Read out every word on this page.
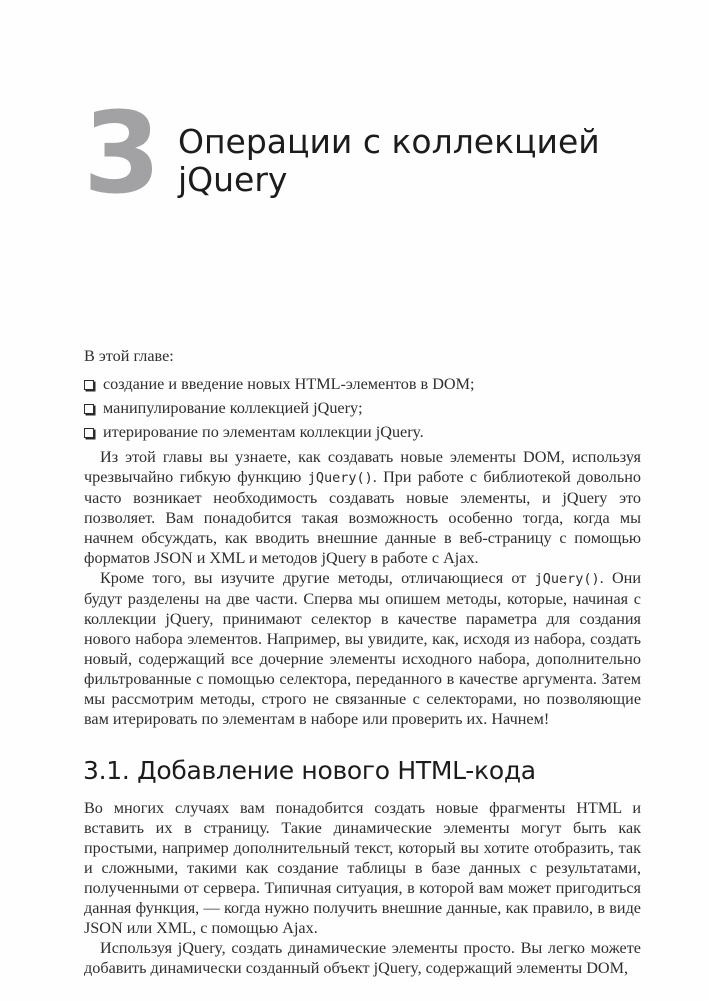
3 Операции с коллекцией
jQuery

В этой главе:

создание и введение новых HTML-элементов в DOM;
манипулирование коллекцией jQuery;
итерирование по элементам коллекции jQuery.

Из этой главы вы узнаете, как создавать новые элементы DOM, используя чрезвычайно гибкую функцию jQuery(). При работе с библиотекой довольно часто возникает необходимость создавать новые элементы, и jQuery это позволяет. Вам понадобится такая возможность особенно тогда, когда мы начнем обсуждать, как вводить внешние данные в веб-страницу с помощью форматов JSON и XML и методов jQuery в работе с Ajax.

Кроме того, вы изучите другие методы, отличающиеся от jQuery(). Они будут разделены на две части. Сперва мы опишем методы, которые, начиная с коллекции jQuery, принимают селектор в качестве параметра для создания нового набора элементов. Например, вы увидите, как, исходя из набора, создать новый, содержащий все дочерние элементы исходного набора, дополнительно фильтрованные с помощью селектора, переданного в качестве аргумента. Затем мы рассмотрим методы, строго не связанные с селекторами, но позволяющие вам итерировать по элементам в наборе или проверить их. Начнем!

3.1. Добавление нового HTML-кода

Во многих случаях вам понадобится создать новые фрагменты HTML и вставить их в страницу. Такие динамические элементы могут быть как простыми, например дополнительный текст, который вы хотите отобразить, так и сложными, такими как создание таблицы в базе данных с результатами, полученными от сервера. Типичная ситуация, в которой вам может пригодиться данная функция, — когда нужно получить внешние данные, как правило, в виде JSON или XML, с помощью Ajax.

Используя jQuery, создать динамические элементы просто. Вы легко можете добавить динамически созданный объект jQuery, содержащий элементы DOM,
